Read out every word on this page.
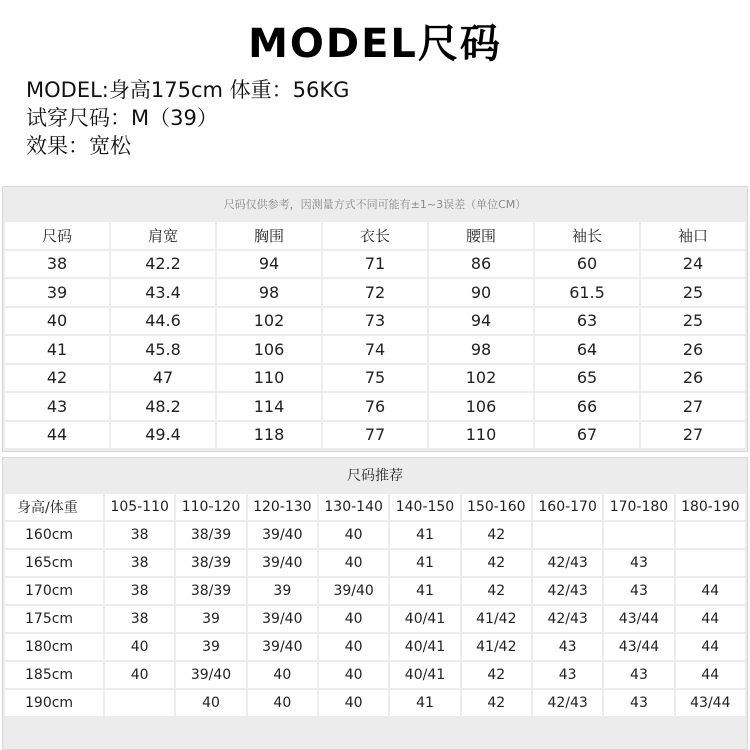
MODEL尺码
MODEL:身高175cm 体重：56KG
试穿尺码：M（39）
效果：宽松
尺码仅供参考，因测量方式不同可能有±1~3误差（单位CM）
尺码	肩宽	胸围	衣长	腰围	袖长	袖口
38	42.2	94	71	86	60	24
39	43.4	98	72	90	61.5	25
40	44.6	102	73	94	63	25
41	45.8	106	74	98	64	26
42	47	110	75	102	65	26
43	48.2	114	76	106	66	27
44	49.4	118	77	110	67	27
尺码推荐
身高/体重	105-110	110-120	120-130	130-140	140-150	150-160	160-170	170-180	180-190
160cm	38	38/39	39/40	40	41	42			
165cm	38	38/39	39/40	40	41	42	42/43	43	
170cm	38	38/39	39	39/40	41	42	42/43	43	44
175cm	38	39	39/40	40	40/41	41/42	42/43	43/44	44
180cm	40	39	39/40	40	40/41	41/42	43	43/44	44
185cm	40	39/40	40	40	40/41	42	43	43	44
190cm		40	40	40	41	42	42/43	43	43/44
